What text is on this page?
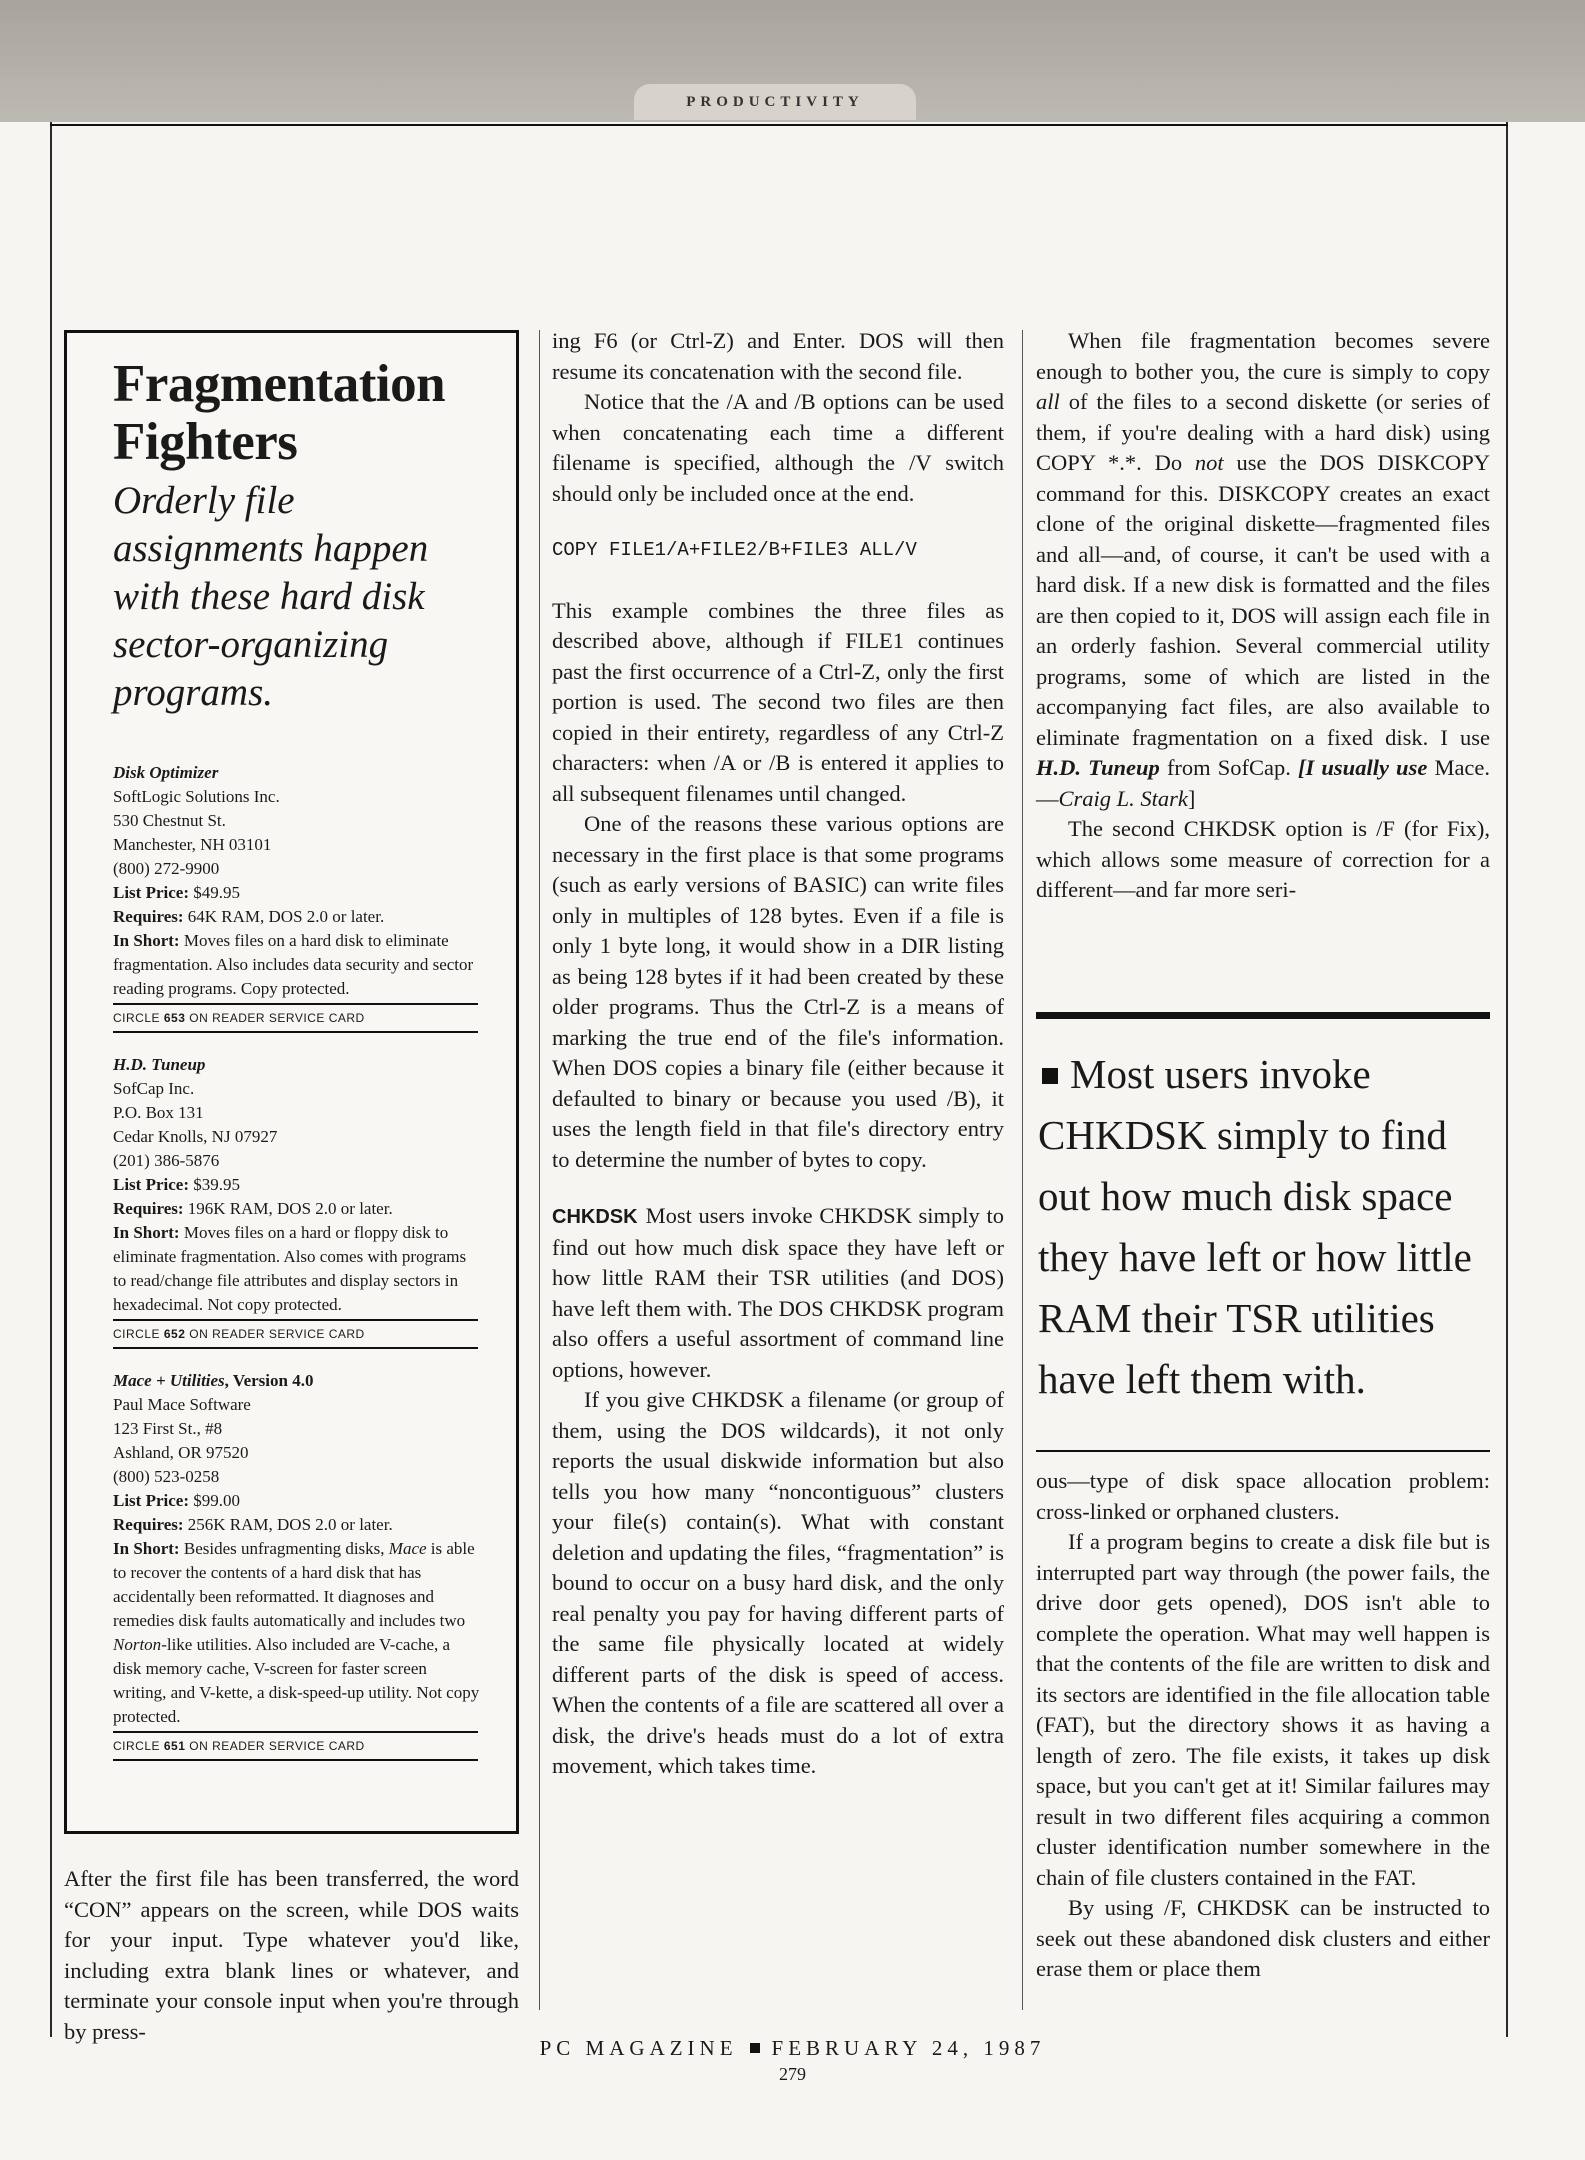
PRODUCTIVITY
Fragmentation Fighters
Orderly file assignments happen with these hard disk sector-organizing programs.
Disk Optimizer
SoftLogic Solutions Inc.
530 Chestnut St.
Manchester, NH 03101
(800) 272-9900
List Price: $49.95
Requires: 64K RAM, DOS 2.0 or later.
In Short: Moves files on a hard disk to eliminate fragmentation. Also includes data security and sector reading programs. Copy protected.
CIRCLE 653 ON READER SERVICE CARD
H.D. Tuneup
SofCap Inc.
P.O. Box 131
Cedar Knolls, NJ 07927
(201) 386-5876
List Price: $39.95
Requires: 196K RAM, DOS 2.0 or later.
In Short: Moves files on a hard or floppy disk to eliminate fragmentation. Also comes with programs to read/change file attributes and display sectors in hexadecimal. Not copy protected.
CIRCLE 652 ON READER SERVICE CARD
Mace + Utilities, Version 4.0
Paul Mace Software
123 First St., #8
Ashland, OR 97520
(800) 523-0258
List Price: $99.00
Requires: 256K RAM, DOS 2.0 or later.
In Short: Besides unfragmenting disks, Mace is able to recover the contents of a hard disk that has accidentally been reformatted. It diagnoses and remedies disk faults automatically and includes two Norton-like utilities. Also included are V-cache, a disk memory cache, V-screen for faster screen writing, and V-kette, a disk-speed-up utility. Not copy protected.
CIRCLE 651 ON READER SERVICE CARD

After the first file has been transferred, the word “CON” appears on the screen, while DOS waits for your input. Type whatever you'd like, including extra blank lines or whatever, and terminate your console input when you're through by press-

ing F6 (or Ctrl-Z) and Enter. DOS will then resume its concatenation with the second file.

Notice that the /A and /B options can be used when concatenating each time a different filename is specified, although the /V switch should only be included once at the end.

COPY FILE1/A+FILE2/B+FILE3 ALL/V

This example combines the three files as described above, although if FILE1 continues past the first occurrence of a Ctrl-Z, only the first portion is used. The second two files are then copied in their entirety, regardless of any Ctrl-Z characters: when /A or /B is entered it applies to all subsequent filenames until changed.

One of the reasons these various options are necessary in the first place is that some programs (such as early versions of BASIC) can write files only in multiples of 128 bytes. Even if a file is only 1 byte long, it would show in a DIR listing as being 128 bytes if it had been created by these older programs. Thus the Ctrl-Z is a means of marking the true end of the file's information. When DOS copies a binary file (either because it defaulted to binary or because you used /B), it uses the length field in that file's directory entry to determine the number of bytes to copy.

CHKDSK Most users invoke CHKDSK simply to find out how much disk space they have left or how little RAM their TSR utilities (and DOS) have left them with. The DOS CHKDSK program also offers a useful assortment of command line options, however.

If you give CHKDSK a filename (or group of them, using the DOS wildcards), it not only reports the usual diskwide information but also tells you how many “noncontiguous” clusters your file(s) contain(s). What with constant deletion and updating the files, “fragmentation” is bound to occur on a busy hard disk, and the only real penalty you pay for having different parts of the same file physically located at widely different parts of the disk is speed of access. When the contents of a file are scattered all over a disk, the drive's heads must do a lot of extra movement, which takes time.

When file fragmentation becomes severe enough to bother you, the cure is simply to copy all of the files to a second diskette (or series of them, if you're dealing with a hard disk) using COPY *.*. Do not use the DOS DISKCOPY command for this. DISKCOPY creates an exact clone of the original diskette—fragmented files and all—and, of course, it can't be used with a hard disk. If a new disk is formatted and the files are then copied to it, DOS will assign each file in an orderly fashion. Several commercial utility programs, some of which are listed in the accompanying fact files, are also available to eliminate fragmentation on a fixed disk. I use H.D. Tuneup from SofCap. [I usually use Mace.—Craig L. Stark]

The second CHKDSK option is /F (for Fix), which allows some measure of correction for a different—and far more seri-

Most users invoke CHKDSK simply to find out how much disk space they have left or how little RAM their TSR utilities have left them with.

ous—type of disk space allocation problem: cross-linked or orphaned clusters.

If a program begins to create a disk file but is interrupted part way through (the power fails, the drive door gets opened), DOS isn't able to complete the operation. What may well happen is that the contents of the file are written to disk and its sectors are identified in the file allocation table (FAT), but the directory shows it as having a length of zero. The file exists, it takes up disk space, but you can't get at it! Similar failures may result in two different files acquiring a common cluster identification number somewhere in the chain of file clusters contained in the FAT.

By using /F, CHKDSK can be instructed to seek out these abandoned disk clusters and either erase them or place them

PC MAGAZINE FEBRUARY 24, 1987
279
